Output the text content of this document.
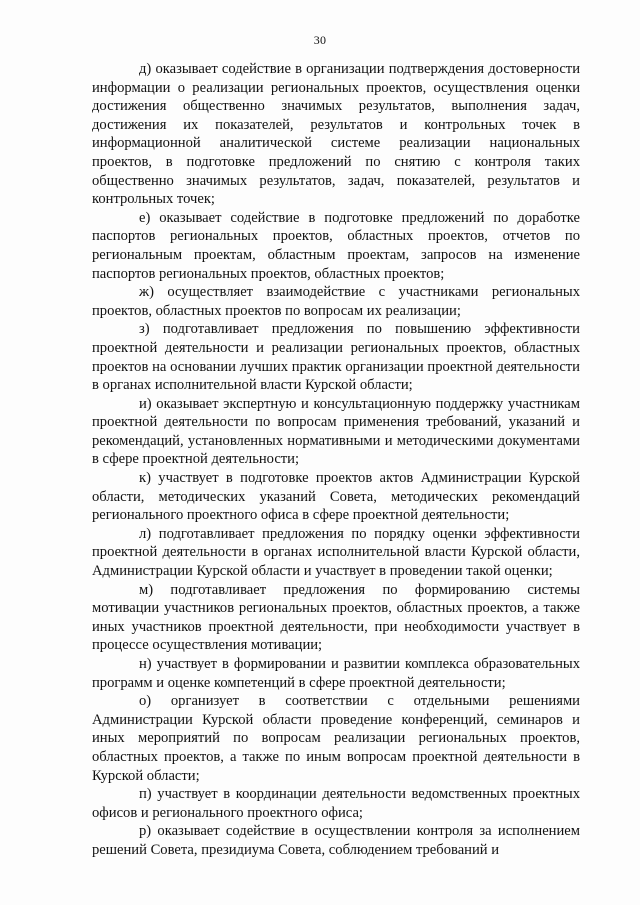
30

д) оказывает содействие в организации подтверждения достоверности информации о реализации региональных проектов, осуществления оценки достижения общественно значимых результатов, выполнения задач, достижения их показателей, результатов и контрольных точек в информационной аналитической системе реализации национальных проектов, в подготовке предложений по снятию с контроля таких общественно значимых результатов, задач, показателей, результатов и контрольных точек;

е) оказывает содействие в подготовке предложений по доработке паспортов региональных проектов, областных проектов, отчетов по региональным проектам, областным проектам, запросов на изменение паспортов региональных проектов, областных проектов;

ж) осуществляет взаимодействие с участниками региональных проектов, областных проектов по вопросам их реализации;

з) подготавливает предложения по повышению эффективности проектной деятельности и реализации региональных проектов, областных проектов на основании лучших практик организации проектной деятельности в органах исполнительной власти Курской области;

и) оказывает экспертную и консультационную поддержку участникам проектной деятельности по вопросам применения требований, указаний и рекомендаций, установленных нормативными и методическими документами в сфере проектной деятельности;

к) участвует в подготовке проектов актов Администрации Курской области, методических указаний Совета, методических рекомендаций регионального проектного офиса в сфере проектной деятельности;

л) подготавливает предложения по порядку оценки эффективности проектной деятельности в органах исполнительной власти Курской области, Администрации Курской области и участвует в проведении такой оценки;

м) подготавливает предложения по формированию системы мотивации участников региональных проектов, областных проектов, а также иных участников проектной деятельности, при необходимости участвует в процессе осуществления мотивации;

н) участвует в формировании и развитии комплекса образовательных программ и оценке компетенций в сфере проектной деятельности;

о) организует в соответствии с отдельными решениями Администрации Курской области проведение конференций, семинаров и иных мероприятий по вопросам реализации региональных проектов, областных проектов, а также по иным вопросам проектной деятельности в Курской области;

п) участвует в координации деятельности ведомственных проектных офисов и регионального проектного офиса;

р) оказывает содействие в осуществлении контроля за исполнением решений Совета, президиума Совета, соблюдением требований и
